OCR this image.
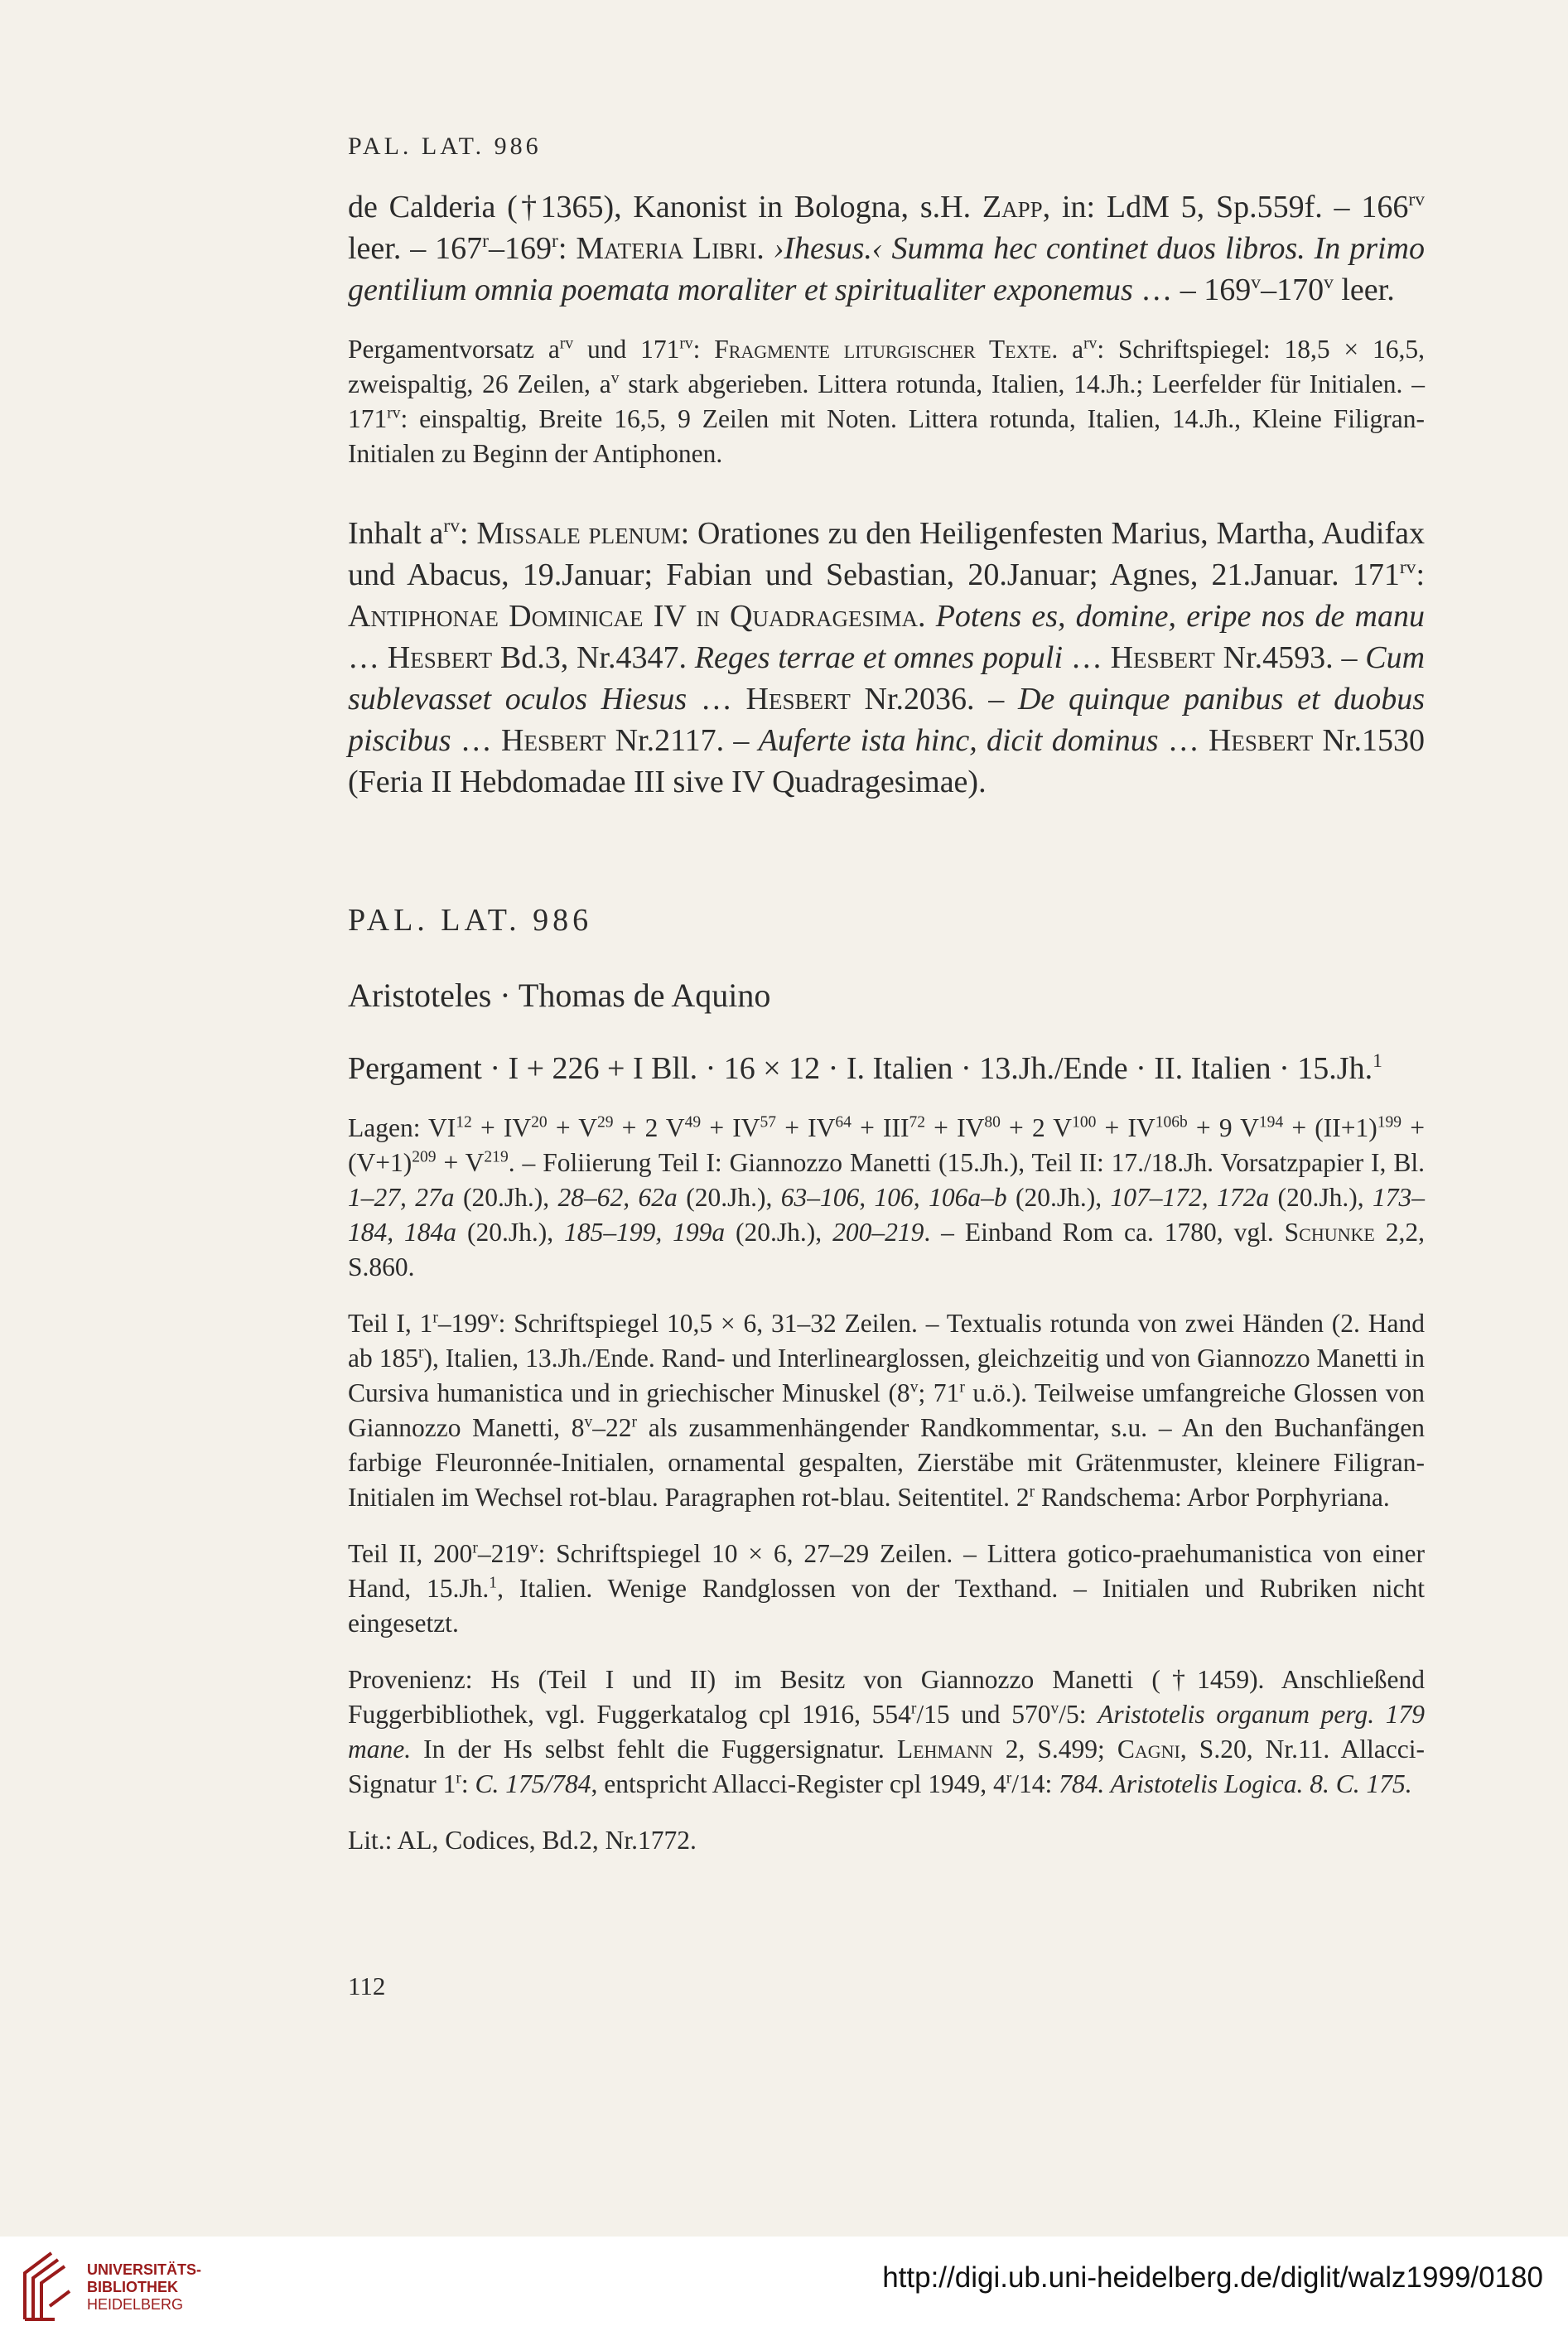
PAL. LAT. 986

de Calderia (†1365), Kanonist in Bologna, s.H. Zapp, in: LdM 5, Sp.559f. – $166^{rv}$ leer. – 167$^r$–169$^r$: Materia Libri. ›Ihesus.‹ Summa hec continet duos libros. In primo gentilium omnia poemata moraliter et spiritualiter exponemus … – 169$^v$–170$^v$ leer.

Pergamentvorsatz $a^{rv}$ und $171^{rv}$: Fragmente liturgischer Texte. $a^{rv}$: Schriftspiegel: 18,5 × 16,5, zweispaltig, 26 Zeilen, $a^v$ stark abgerieben. Littera rotunda, Italien, 14.Jh.; Leerfelder für Initialen. – $171^{rv}$: einspaltig, Breite 16,5, 9 Zeilen mit Noten. Littera rotunda, Italien, 14.Jh., Kleine Filigran-Initialen zu Beginn der Antiphonen.

Inhalt $a^{rv}$: Missale plenum: Orationes zu den Heiligenfesten Marius, Martha, Audifax und Abacus, 19.Januar; Fabian und Sebastian, 20.Januar; Agnes, 21.Januar. $171^{rv}$: Antiphonae Dominicae IV in Quadragesima. Potens es, domine, eripe nos de manu … Hesbert Bd.3, Nr.4347. Reges terrae et omnes populi … Hesbert Nr.4593. – Cum sublevasset oculos Hiesus … Hesbert Nr.2036. – De quinque panibus et duobus piscibus … Hesbert Nr.2117. – Auferte ista hinc, dicit dominus … Hesbert Nr.1530 (Feria II Hebdomadae III sive IV Quadragesimae).

PAL. LAT. 986
Aristoteles · Thomas de Aquino

Pergament · I + 226 + I Bll. · 16 × 12 · I. Italien · 13.Jh./Ende · II. Italien · 15.Jh.$^1$

Lagen: $VI^{12} + IV^{20} + V^{29} + 2$ $V^{49} + IV^{57} + IV^{64} + III^{72} + IV^{80} + 2$ $V^{100} + IV^{106b} + 9$ $V^{194} + (II+1)^{199} + (V+1)^{209} + V^{219}$. – Foliierung Teil I: Giannozzo Manetti (15.Jh.), Teil II: 17./18.Jh. Vorsatzpapier I, Bl. 1–27, 27a (20.Jh.), 28–62, 62a (20.Jh.), 63–106, 106, 106a–b (20.Jh.), 107–172, 172a (20.Jh.), 173–184, 184a (20.Jh.), 185–199, 199a (20.Jh.), 200–219. – Einband Rom ca. 1780, vgl. Schunke 2,2, S.860.

Teil I, 1$^r$–199$^v$: Schriftspiegel 10,5 × 6, 31–32 Zeilen. – Textualis rotunda von zwei Händen (2. Hand ab 185$^r$), Italien, 13.Jh./Ende. Rand- und Interlinearglossen, gleichzeitig und von Giannozzo Manetti in Cursiva humanistica und in griechischer Minuskel (8$^v$; 71$^r$ u.ö.). Teilweise umfangreiche Glossen von Giannozzo Manetti, 8$^v$–22$^r$ als zusammenhängender Randkommentar, s.u. – An den Buchanfängen farbige Fleuronnée-Initialen, ornamental gespalten, Zierstäbe mit Grätenmuster, kleinere Filigran-Initialen im Wechsel rot-blau. Paragraphen rot-blau. Seitentitel. 2$^r$ Randschema: Arbor Porphyriana.

Teil II, 200$^r$–219$^v$: Schriftspiegel 10 × 6, 27–29 Zeilen. – Littera gotico-praehumanistica von einer Hand, 15.Jh.$^1$, Italien. Wenige Randglossen von der Texthand. – Initialen und Rubriken nicht eingesetzt.

Provenienz: Hs (Teil I und II) im Besitz von Giannozzo Manetti (†1459). Anschließend Fuggerbibliothek, vgl. Fuggerkatalog cpl 1916, 554$^r$/15 und 570$^v$/5: Aristotelis organum perg. 179 mane. In der Hs selbst fehlt die Fuggersignatur. Lehmann 2, S.499; Cagni, S.20, Nr.11. Allacci-Signatur 1$^r$: C. 175/784, entspricht Allacci-Register cpl 1949, 4$^r$/14: 784. Aristotelis Logica. 8. C. 175.

Lit.: AL, Codices, Bd.2, Nr.1772.

112
UNIVERSITÄTS-
BIBLIOTHEK
HEIDELBERG
http://digi.ub.uni-heidelberg.de/diglit/walz1999/0180
